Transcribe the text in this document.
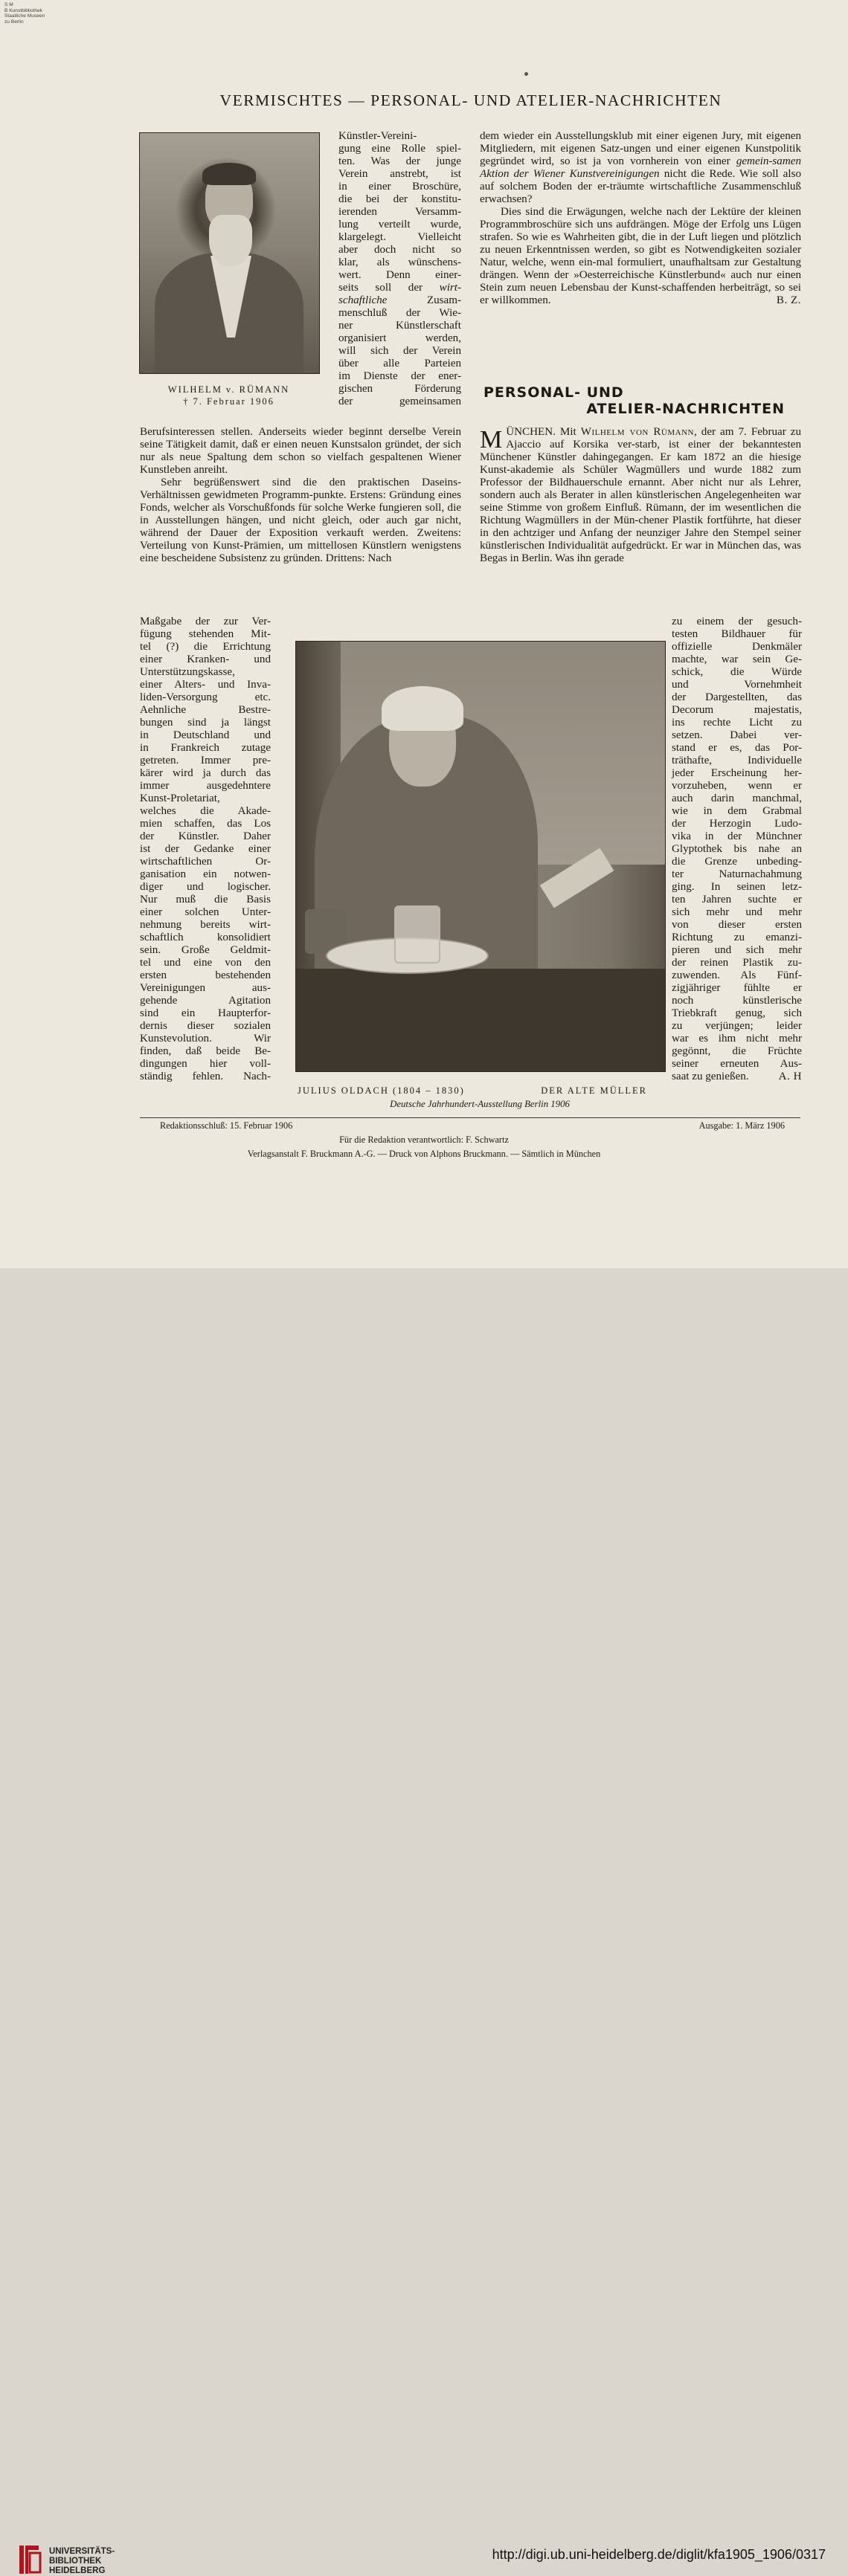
S M
B Kunstbibliothek
Staatliche Museen
zu Berlin
VERMISCHTES — PERSONAL- UND ATELIER-NACHRICHTEN
WILHELM v. RÜMANN
† 7. Februar 1906
Künstler-Vereini-
gung eine Rolle spiel-
ten. Was der junge
Verein anstrebt, ist
in einer Broschüre,
die bei der konstitu-
ierenden Versamm-
lung verteilt wurde,
klargelegt. Vielleicht
aber doch nicht so
klar, als wünschens-
wert. Denn einer-
seits soll der wirt-
schaftliche Zusam-
menschluß der Wie-
ner Künstlerschaft
organisiert werden,
will sich der Verein
über alle Parteien
im Dienste der ener-
gischen Förderung
der gemeinsamen

Berufsinteressen stellen. Anderseits wieder beginnt derselbe Verein seine Tätigkeit damit, daß er einen neuen Kunstsalon gründet, der sich nur als neue Spaltung dem schon so vielfach gespaltenen Wiener Kunstleben anreiht.

Sehr begrüßenswert sind die den praktischen Daseins-Verhältnissen gewidmeten Programm-punkte. Erstens: Gründung eines Fonds, welcher als Vorschußfonds für solche Werke fungieren soll, die in Ausstellungen hängen, und nicht gleich, oder auch gar nicht, während der Dauer der Exposition verkauft werden. Zweitens: Verteilung von Kunst-Prämien, um mittellosen Künstlern wenigstens eine bescheidene Subsistenz zu gründen. Drittens: Nach

Maßgabe der zur Ver-
fügung stehenden Mit-
tel (?) die Errichtung
einer Kranken- und
Unterstützungskasse,
einer Alters- und Inva-
liden-Versorgung etc.
Aehnliche Bestre-
bungen sind ja längst
in Deutschland und
in Frankreich zutage
getreten. Immer pre-
kärer wird ja durch das
immer ausgedehntere
Kunst-Proletariat,
welches die Akade-
mien schaffen, das Los
der Künstler. Daher
ist der Gedanke einer
wirtschaftlichen Or-
ganisation ein notwen-
diger und logischer.
Nur muß die Basis
einer solchen Unter-
nehmung bereits wirt-
schaftlich konsolidiert
sein. Große Geldmit-
tel und eine von den
ersten bestehenden
Vereinigungen aus-
gehende Agitation
sind ein Haupterfor-
dernis dieser sozialen
Kunstevolution. Wir
finden, daß beide Be-
dingungen hier voll-
ständig fehlen. Nach-

dem wieder ein Ausstellungsklub mit einer eigenen Jury, mit eigenen Mitgliedern, mit eigenen Satz-ungen und einer eigenen Kunstpolitik gegründet wird, so ist ja von vornherein von einer gemein-samen Aktion der Wiener Kunstvereinigungen nicht die Rede. Wie soll also auf solchem Boden der er-träumte wirtschaftliche Zusammenschluß erwachsen?

Dies sind die Erwägungen, welche nach der Lektüre der kleinen Programmbroschüre sich uns aufdrängen. Möge der Erfolg uns Lügen strafen. So wie es Wahrheiten gibt, die in der Luft liegen und plötzlich zu neuen Erkenntnissen werden, so gibt es Notwendigkeiten sozialer Natur, welche, wenn ein-mal formuliert, unaufhaltsam zur Gestaltung drängen. Wenn der »Oesterreichische Künstlerbund« auch nur einen Stein zum neuen Lebensbau der Kunst-schaffenden herbeiträgt, so sei er willkommen.	B. Z.

PERSONAL- UND
ATELIER-NACHRICHTEN

MÜNCHEN. Mit Wilhelm von Rümann, der am 7. Februar zu Ajaccio auf Korsika ver-starb, ist einer der bekanntesten Münchener Künstler dahingegangen. Er kam 1872 an die hiesige Kunst-akademie als Schüler Wagmüllers und wurde 1882 zum Professor der Bildhauerschule ernannt. Aber nicht nur als Lehrer, sondern auch als Berater in allen künstlerischen Angelegenheiten war seine Stimme von großem Einfluß. Rümann, der im wesentlichen die Richtung Wagmüllers in der Mün-chener Plastik fortführte, hat dieser in den achtziger und Anfang der neunziger Jahre den Stempel seiner künstlerischen Individualität aufgedrückt. Er war in München das, was Begas in Berlin. Was ihn gerade

zu einem der gesuch-
testen Bildhauer für
offizielle Denkmäler
machte, war sein Ge-
schick, die Würde
und Vornehmheit
der Dargestellten, das
Decorum majestatis,
ins rechte Licht zu
setzen. Dabei ver-
stand er es, das Por-
träthafte, Individuelle
jeder Erscheinung her-
vorzuheben, wenn er
auch darin manchmal,
wie in dem Grabmal
der Herzogin Ludo-
vika in der Münchner
Glyptothek bis nahe an
die Grenze unbeding-
ter Naturnachahmung
ging. In seinen letz-
ten Jahren suchte er
sich mehr und mehr
von dieser ersten
Richtung zu emanzi-
pieren und sich mehr
der reinen Plastik zu-
zuwenden. Als Fünf-
zigjähriger fühlte er
noch künstlerische
Triebkraft genug, sich
zu verjüngen; leider
war es ihm nicht mehr
gegönnt, die Früchte
seiner erneuten Aus-
saat zu genießen.	A. H
JULIUS OLDACH (1804 – 1830)	DER ALTE MÜLLER
Deutsche Jahrhundert-Ausstellung Berlin 1906
Redaktionsschluß: 15. Februar 1906	Ausgabe: 1. März 1906
Für die Redaktion verantwortlich: F. Schwartz
Verlagsanstalt F. Bruckmann A.-G. — Druck von Alphons Bruckmann. — Sämtlich in München
UNIVERSITÄTS-
BIBLIOTHEK
HEIDELBERG
http://digi.ub.uni-heidelberg.de/diglit/kfa1905_1906/0317
